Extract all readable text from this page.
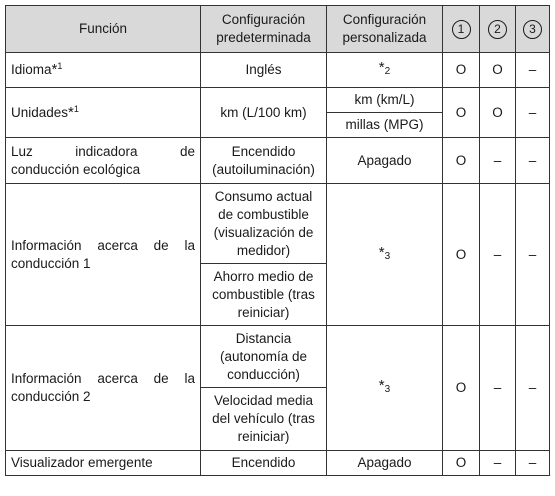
Función	Configuración predeterminada	Configuración personalizada	1	2	3
Idioma*$^1$	Inglés	*2	O	O	–
Unidades*$^1$	km (L/100 km)	km (km/L)	O	O	–
		millas (MPG)			

Luz indicadora de
conducción ecológica	Encendido (autoiluminación)	Apagado	O	–	–

Información acerca de la
conducción 1	Consumo actual de combustible (visualización de medidor)	*3	O	–	–
	Ahorro medio de combustible (tras reiniciar)				

Información acerca de la
conducción 2	Distancia (autonomía de conducción)	*3	O	–	–
	Velocidad media del vehículo (tras reiniciar)				
Visualizador emergente	Encendido	Apagado	O	–	–
